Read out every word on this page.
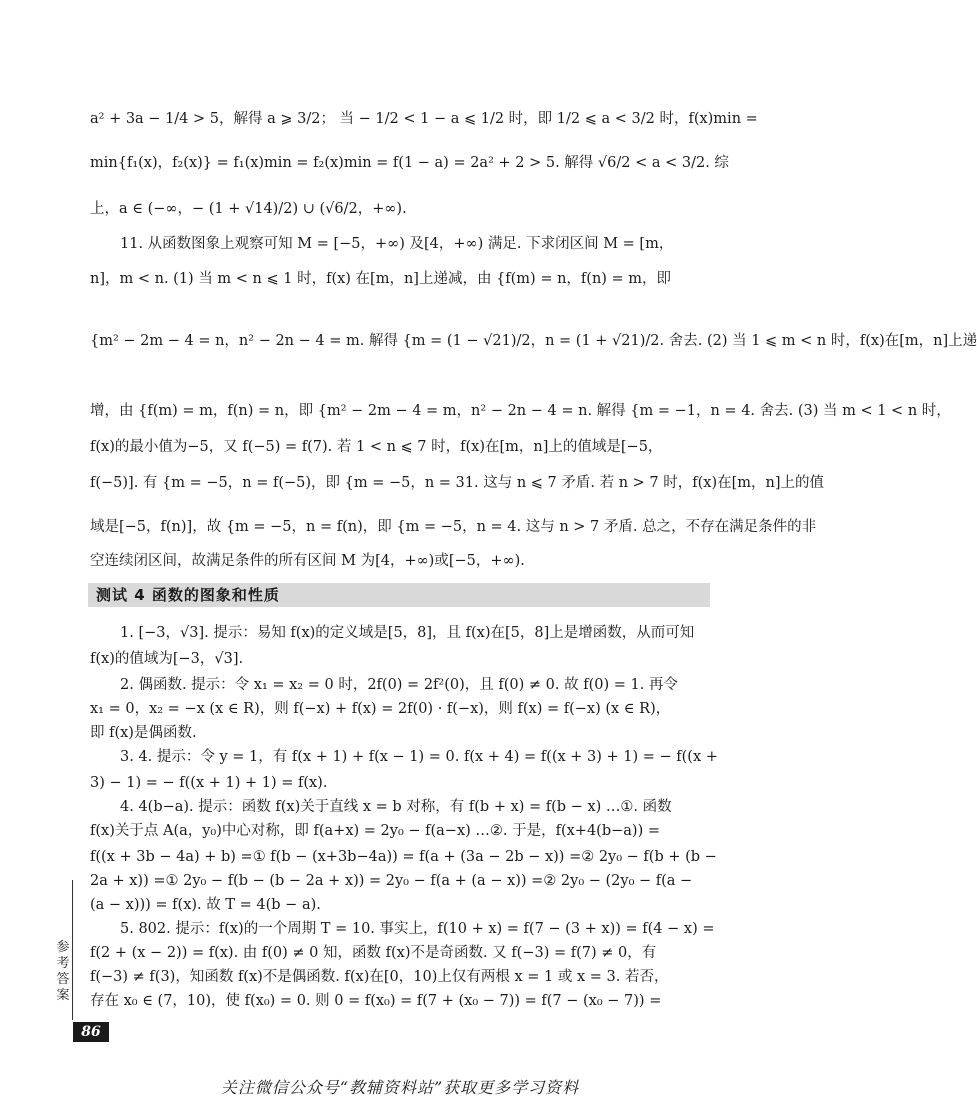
a² + 3a − 1/4 > 5，解得 a ⩾ 3/2； 当 − 1/2 < 1 − a ⩽ 1/2 时，即 1/2 ⩽ a < 3/2 时，f(x)min =
min{f₁(x)，f₂(x)} = f₁(x)min = f₂(x)min = f(1 − a) = 2a² + 2 > 5. 解得 √6/2 < a < 3/2. 综
上，a ∈ (−∞，− (1 + √14)/2) ∪ (√6/2，+∞).
11. 从函数图象上观察可知 M = [−5，+∞) 及[4，+∞) 满足. 下求闭区间 M = [m，
n]，m < n. (1) 当 m < n ⩽ 1 时，f(x) 在[m，n]上递减，由 {f(m) = n，f(n) = m，即
{m² − 2m − 4 = n，n² − 2n − 4 = m. 解得 {m = (1 − √21)/2，n = (1 + √21)/2. 舍去. (2) 当 1 ⩽ m < n 时，f(x)在[m，n]上递
增，由 {f(m) = m，f(n) = n，即 {m² − 2m − 4 = m，n² − 2n − 4 = n. 解得 {m = −1，n = 4. 舍去. (3) 当 m < 1 < n 时，
f(x)的最小值为−5，又 f(−5) = f(7). 若 1 < n ⩽ 7 时，f(x)在[m，n]上的值域是[−5，
f(−5)]. 有 {m = −5，n = f(−5)，即 {m = −5，n = 31. 这与 n ⩽ 7 矛盾. 若 n > 7 时，f(x)在[m，n]上的值
域是[−5，f(n)]，故 {m = −5，n = f(n)，即 {m = −5，n = 4. 这与 n > 7 矛盾. 总之，不存在满足条件的非
空连续闭区间，故满足条件的所有区间 M 为[4，+∞)或[−5，+∞).
测试 4 函数的图象和性质
1. [−3，√3]. 提示：易知 f(x)的定义域是[5，8]，且 f(x)在[5，8]上是增函数，从而可知
f(x)的值域为[−3，√3].
2. 偶函数. 提示：令 x₁ = x₂ = 0 时，2f(0) = 2f²(0)，且 f(0) ≠ 0. 故 f(0) = 1. 再令
x₁ = 0，x₂ = −x (x ∈ R)，则 f(−x) + f(x) = 2f(0) · f(−x)，则 f(x) = f(−x) (x ∈ R)，
即 f(x)是偶函数.
3. 4. 提示：令 y = 1，有 f(x + 1) + f(x − 1) = 0. f(x + 4) = f((x + 3) + 1) = − f((x +
3) − 1) = − f((x + 1) + 1) = f(x).
4. 4(b−a). 提示：函数 f(x)关于直线 x = b 对称，有 f(b + x) = f(b − x) …①. 函数
f(x)关于点 A(a，y₀)中心对称，即 f(a+x) = 2y₀ − f(a−x) …②. 于是，f(x+4(b−a)) =
f((x + 3b − 4a) + b) =① f(b − (x+3b−4a)) = f(a + (3a − 2b − x)) =② 2y₀ − f(b + (b −
2a + x)) =① 2y₀ − f(b − (b − 2a + x)) = 2y₀ − f(a + (a − x)) =② 2y₀ − (2y₀ − f(a −
(a − x))) = f(x). 故 T = 4(b − a).
5. 802. 提示：f(x)的一个周期 T = 10. 事实上，f(10 + x) = f(7 − (3 + x)) = f(4 − x) =
f(2 + (x − 2)) = f(x). 由 f(0) ≠ 0 知，函数 f(x)不是奇函数. 又 f(−3) = f(7) ≠ 0，有
f(−3) ≠ f(3)，知函数 f(x)不是偶函数. f(x)在[0，10)上仅有两根 x = 1 或 x = 3. 若否，
存在 x₀ ∈ (7，10)，使 f(x₀) = 0. 则 0 = f(x₀) = f(7 + (x₀ − 7)) = f(7 − (x₀ − 7)) =
参考答案
86
关注微信公众号“教辅资料站”获取更多学习资料
